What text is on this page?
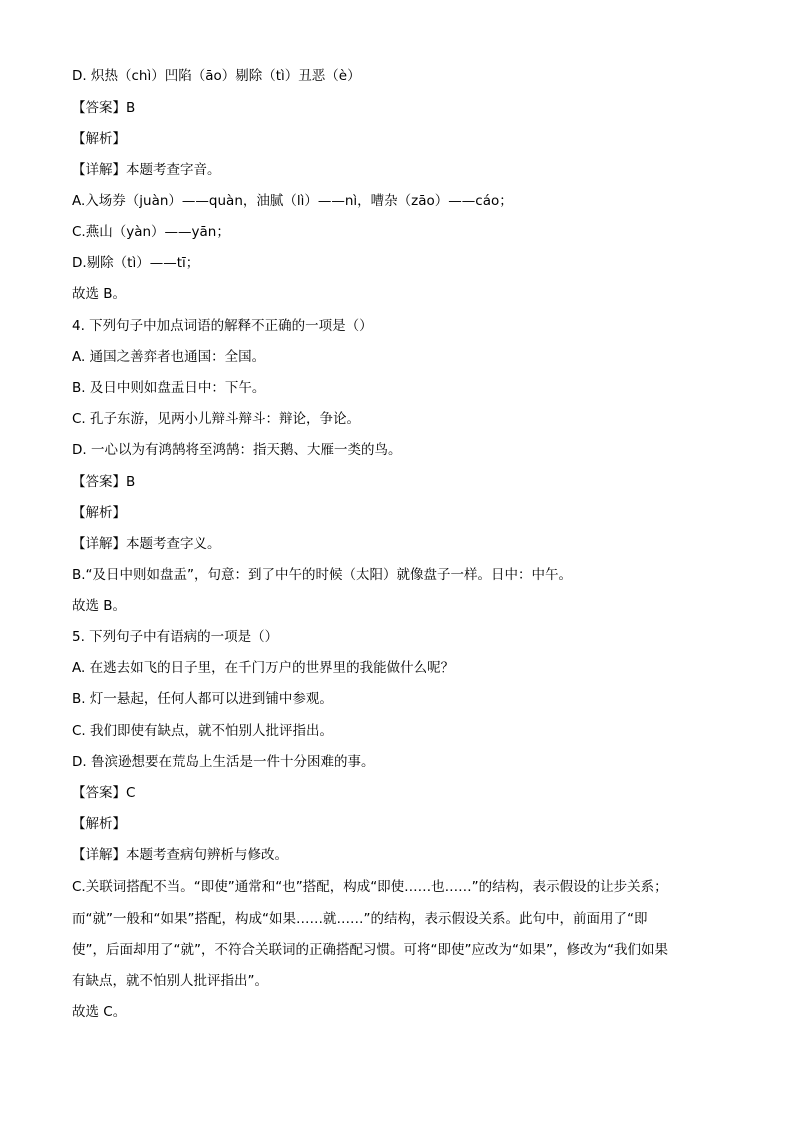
D. 炽热（chì）凹陷（āo）剔除（tì）丑恶（è）
【答案】B
【解析】
【详解】本题考查字音。
A.入场券（juàn）——quàn，油腻（lì）——nì，嘈杂（zāo）——cáo；
C.燕山（yàn）——yān；
D.剔除（tì）——tī；
故选 B。
4. 下列句子中加点词语的解释不正确的一项是（）
A. 通国之善弈者也通国：全国。
B. 及日中则如盘盂日中：下午。
C. 孔子东游，见两小儿辩斗辩斗：辩论，争论。
D. 一心以为有鸿鹄将至鸿鹄：指天鹅、大雁一类的鸟。
【答案】B
【解析】
【详解】本题考查字义。
B.“及日中则如盘盂”，句意：到了中午的时候（太阳）就像盘子一样。日中：中午。
故选 B。
5. 下列句子中有语病的一项是（）
A. 在逃去如飞的日子里，在千门万户的世界里的我能做什么呢？
B. 灯一悬起，任何人都可以进到铺中参观。
C. 我们即使有缺点，就不怕别人批评指出。
D. 鲁滨逊想要在荒岛上生活是一件十分困难的事。
【答案】C
【解析】
【详解】本题考查病句辨析与修改。
C.关联词搭配不当。“即使”通常和“也”搭配，构成“即使……也……”的结构，表示假设的让步关系；
而“就”一般和“如果”搭配，构成“如果……就……”的结构，表示假设关系。此句中，前面用了“即
使”，后面却用了“就”，不符合关联词的正确搭配习惯。可将“即使”应改为“如果”，修改为“我们如果
有缺点，就不怕别人批评指出”。
故选 C。
